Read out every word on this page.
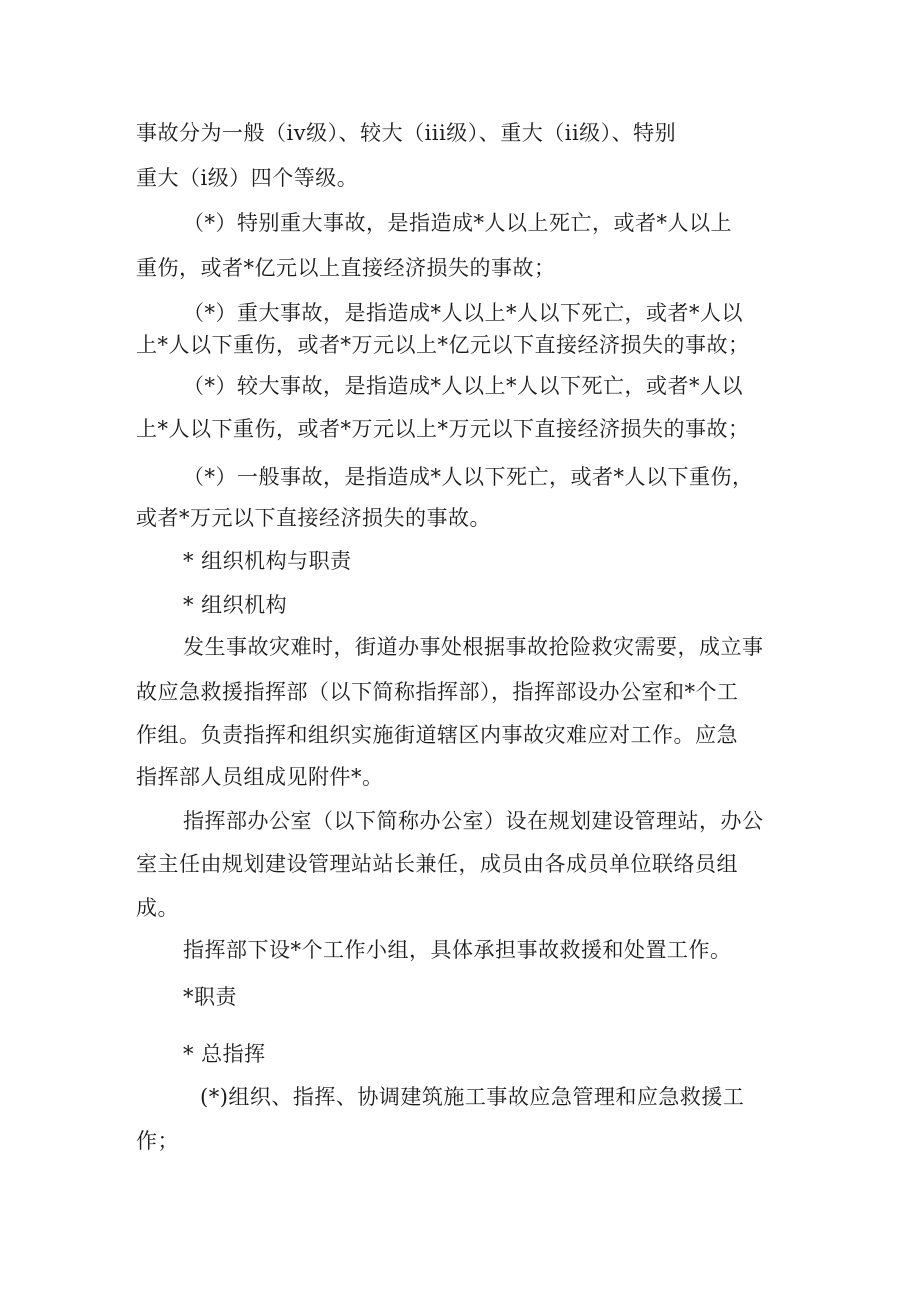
事故分为一般（iv级）、较大（iii级）、重大（ii级）、特别
重大（i级）四个等级。
（*）特别重大事故，是指造成*人以上死亡，或者*人以上
重伤，或者*亿元以上直接经济损失的事故；
（*）重大事故，是指造成*人以上*人以下死亡，或者*人以
上*人以下重伤，或者*万元以上*亿元以下直接经济损失的事故；
（*）较大事故，是指造成*人以上*人以下死亡，或者*人以
上*人以下重伤，或者*万元以上*万元以下直接经济损失的事故；
（*）一般事故，是指造成*人以下死亡，或者*人以下重伤，
或者*万元以下直接经济损失的事故。
* 组织机构与职责
* 组织机构
发生事故灾难时，街道办事处根据事故抢险救灾需要，成立事
故应急救援指挥部（以下简称指挥部），指挥部设办公室和*个工
作组。负责指挥和组织实施街道辖区内事故灾难应对工作。应急
指挥部人员组成见附件*。
指挥部办公室（以下简称办公室）设在规划建设管理站，办公
室主任由规划建设管理站站长兼任，成员由各成员单位联络员组
成。
指挥部下设*个工作小组，具体承担事故救援和处置工作。
*职责
* 总指挥
(*)组织、指挥、协调建筑施工事故应急管理和应急救援工
作；
